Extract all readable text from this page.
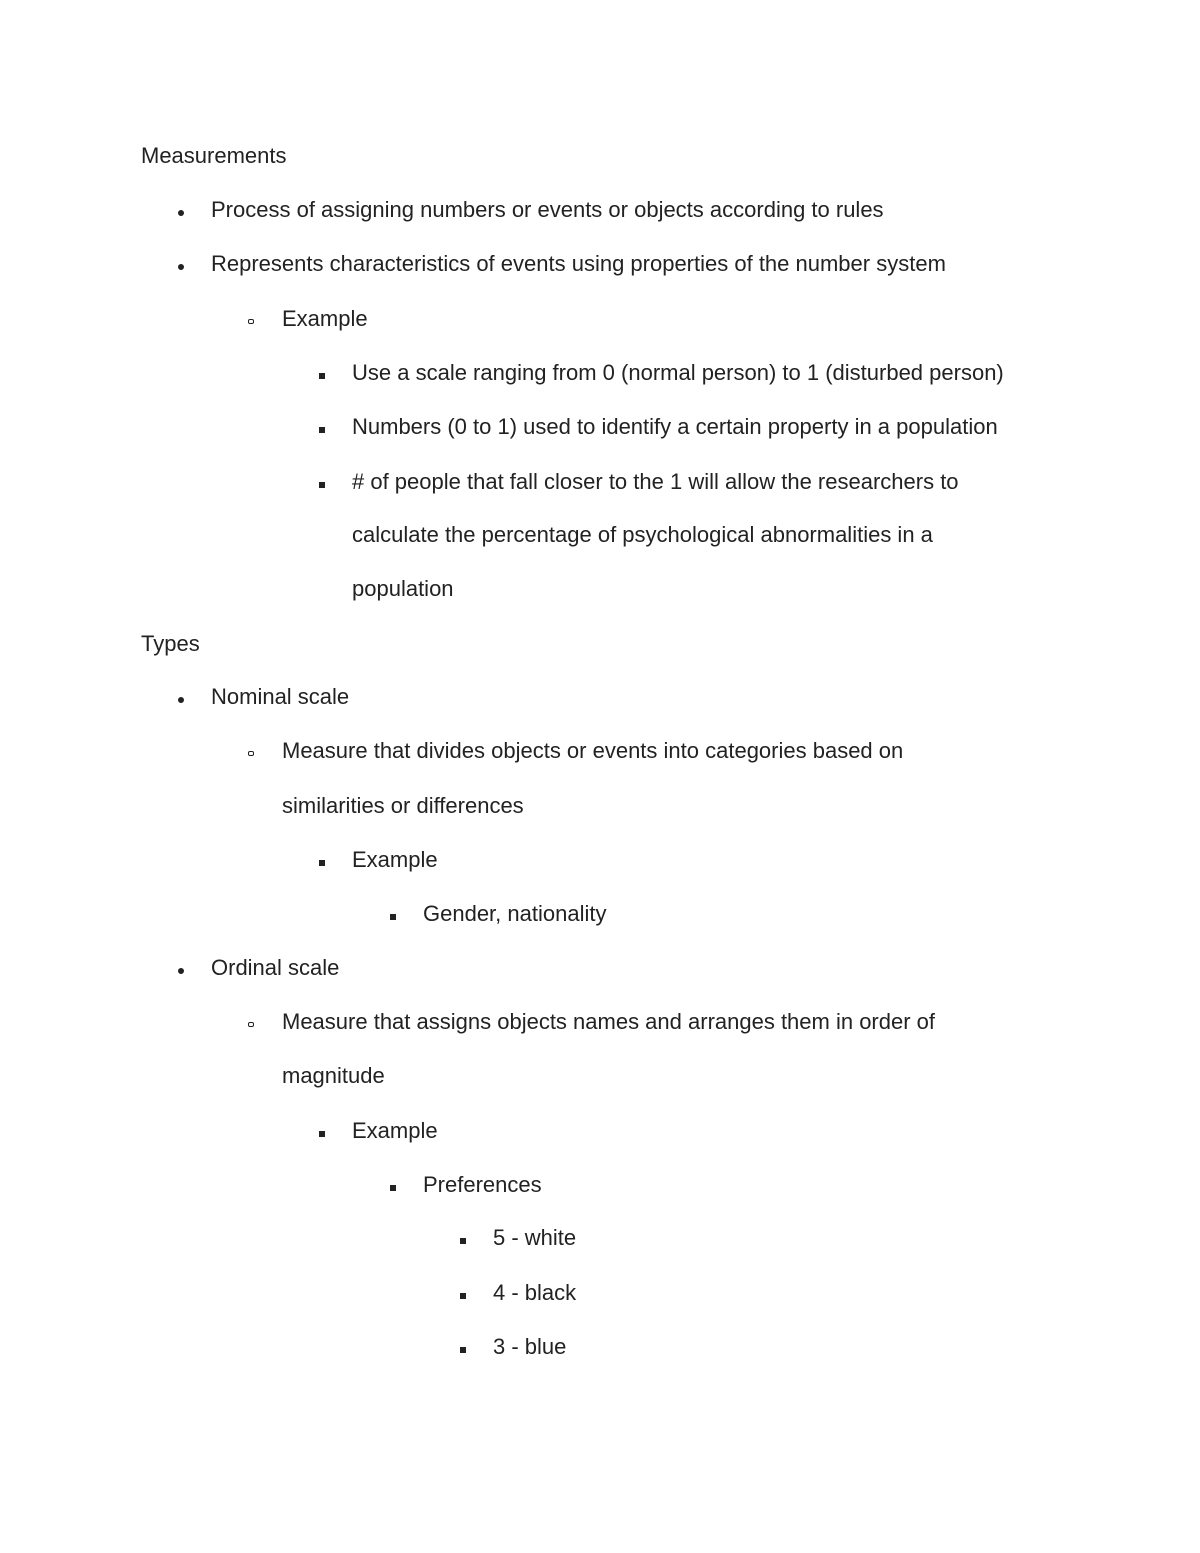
Measurements
Process of assigning numbers or events or objects according to rules
Represents characteristics of events using properties of the number system
Example
Use a scale ranging from 0 (normal person) to 1 (disturbed person)
Numbers (0 to 1) used to identify a certain property in a population
# of people that fall closer to the 1 will allow the researchers to
calculate the percentage of psychological abnormalities in a
population
Types
Nominal scale
Measure that divides objects or events into categories based on
similarities or differences
Example
Gender, nationality
Ordinal scale
Measure that assigns objects names and arranges them in order of
magnitude
Example
Preferences
5 - white
4 - black
3 - blue
